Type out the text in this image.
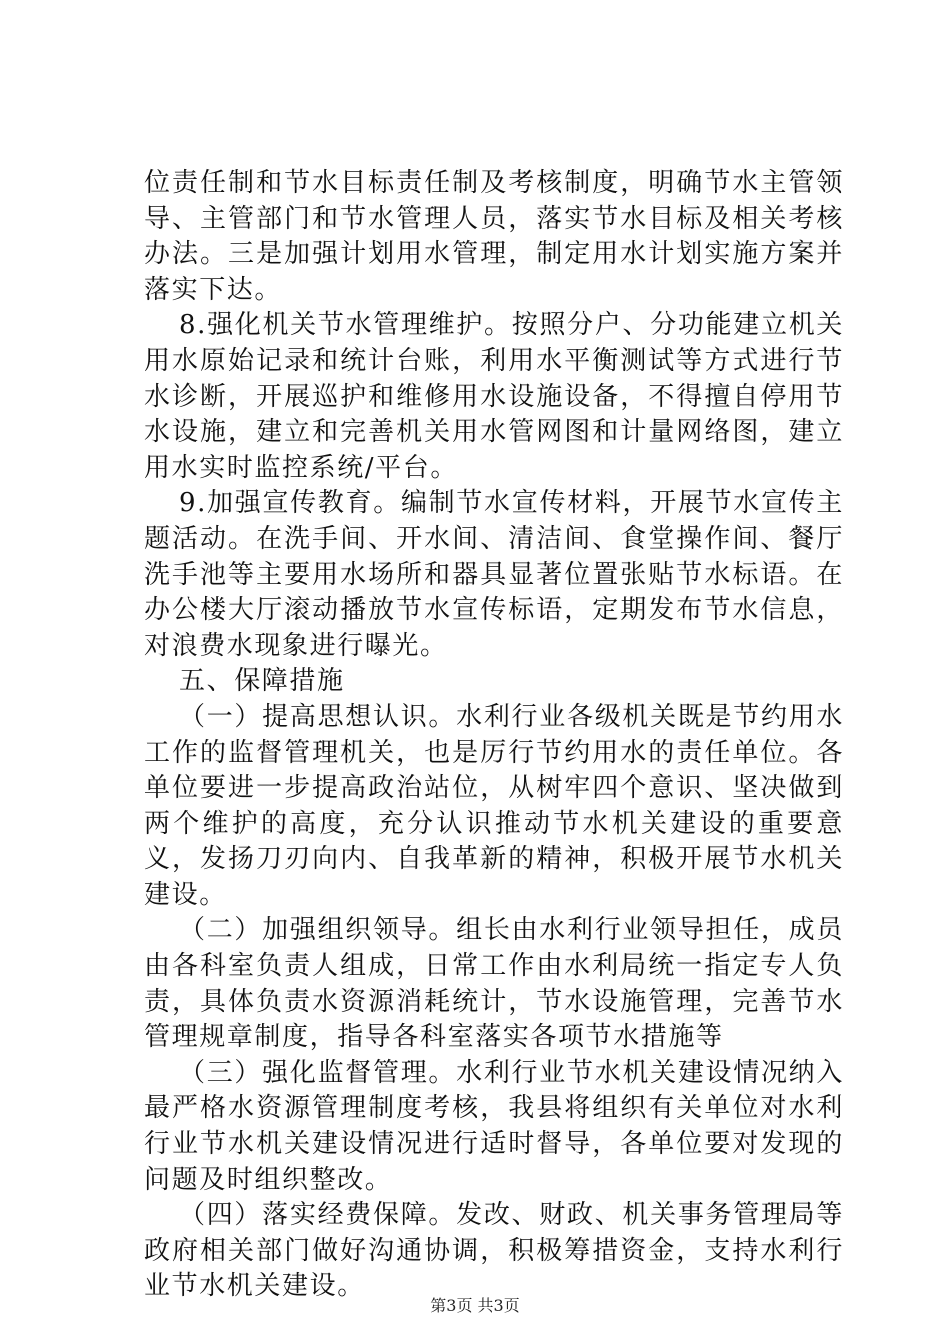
位责任制和节水目标责任制及考核制度，明确节水主管领导、主管部门和节水管理人员，落实节水目标及相关考核办法。三是加强计划用水管理，制定用水计划实施方案并落实下达。

8.强化机关节水管理维护。按照分户、分功能建立机关用水原始记录和统计台账，利用水平衡测试等方式进行节水诊断，开展巡护和维修用水设施设备，不得擅自停用节水设施，建立和完善机关用水管网图和计量网络图，建立用水实时监控系统/平台。

9.加强宣传教育。编制节水宣传材料，开展节水宣传主题活动。在洗手间、开水间、清洁间、食堂操作间、餐厅洗手池等主要用水场所和器具显著位置张贴节水标语。在办公楼大厅滚动播放节水宣传标语，定期发布节水信息，对浪费水现象进行曝光。

五、保障措施

（一）提高思想认识。水利行业各级机关既是节约用水工作的监督管理机关，也是厉行节约用水的责任单位。各单位要进一步提高政治站位，从树牢四个意识、坚决做到两个维护的高度，充分认识推动节水机关建设的重要意义，发扬刀刃向内、自我革新的精神，积极开展节水机关建设。

（二）加强组织领导。组长由水利行业领导担任，成员由各科室负责人组成，日常工作由水利局统一指定专人负责，具体负责水资源消耗统计，节水设施管理，完善节水管理规章制度，指导各科室落实各项节水措施等

（三）强化监督管理。水利行业节水机关建设情况纳入最严格水资源管理制度考核，我县将组织有关单位对水利行业节水机关建设情况进行适时督导，各单位要对发现的问题及时组织整改。

（四）落实经费保障。发改、财政、机关事务管理局等政府相关部门做好沟通协调，积极筹措资金，支持水利行业节水机关建设。

第3页 共3页
